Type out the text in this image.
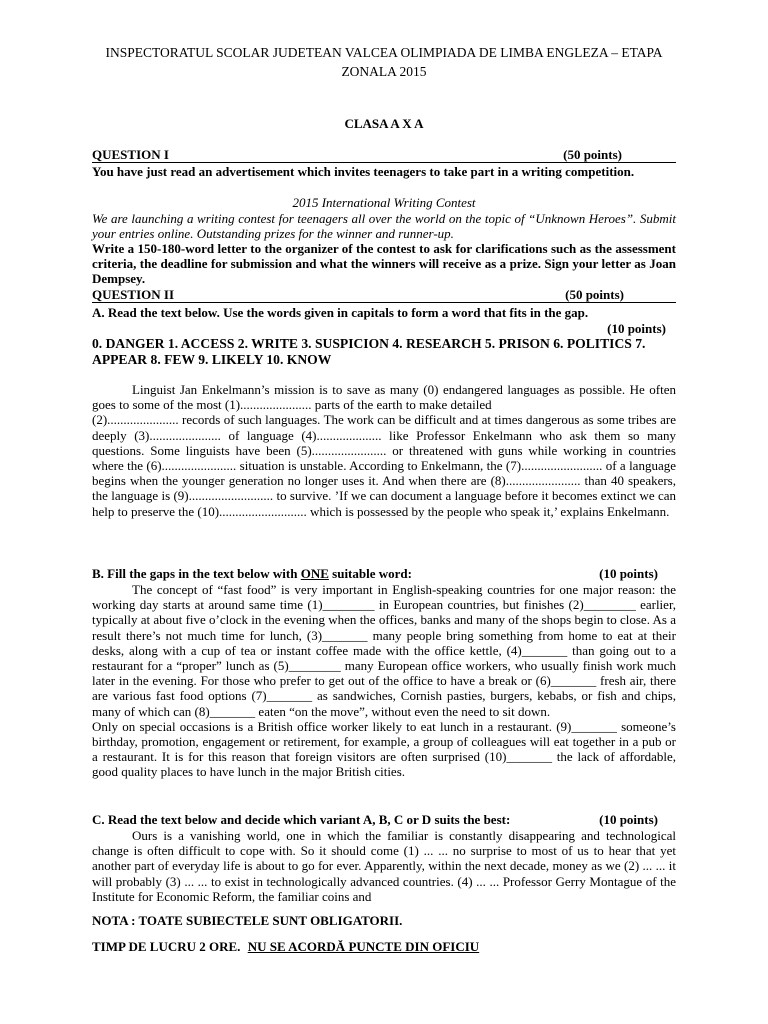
INSPECTORATUL SCOLAR JUDETEAN VALCEA OLIMPIADA DE LIMBA ENGLEZA – ETAPA
ZONALA 2015
CLASA A X A
QUESTION I	(50 points)
You have just read an advertisement which invites teenagers to take part in a writing competition.
2015 International Writing Contest
We are launching a writing contest for teenagers all over the world on the topic of “Unknown Heroes”. Submit your entries online. Outstanding prizes for the winner and runner-up.
Write a 150-180-word letter to the organizer of the contest to ask for clarifications such as the assessment criteria, the deadline for submission and what the winners will receive as a prize. Sign your letter as Joan Dempsey.
QUESTION II	(50 points)
A. Read the text below. Use the words given in capitals to form a word that fits in the gap.
(10 points)
0. DANGER 1. ACCESS 2. WRITE 3. SUSPICION 4. RESEARCH 5. PRISON 6. POLITICS 7. APPEAR 8. FEW 9. LIKELY 10. KNOW
Linguist Jan Enkelmann’s mission is to save as many (0) endangered languages as possible. He often goes to some of the most (1)...................... parts of the earth to make detailed
(2)...................... records of such languages. The work can be difficult and at times dangerous as some tribes are deeply (3)...................... of language (4).................... like Professor Enkelmann who ask them so many questions. Some linguists have been (5)....................... or threatened with guns while working in countries where the (6)....................... situation is unstable. According to Enkelmann, the (7)......................... of a language begins when the younger generation no longer uses it. And when there are (8)....................... than 40 speakers, the language is (9).......................... to survive. ’If we can document a language before it becomes extinct we can help to preserve the (10)........................... which is possessed by the people who speak it,’ explains Enkelmann.
B. Fill the gaps in the text below with ONE suitable word:	(10 points)
The concept of “fast food” is very important in English-speaking countries for one major reason: the working day starts at around same time (1)________ in European countries, but finishes (2)________ earlier, typically at about five o’clock in the evening when the offices, banks and many of the shops begin to close. As a result there’s not much time for lunch, (3)_______ many people bring something from home to eat at their desks, along with a cup of tea or instant coffee made with the office kettle, (4)_______ than going out to a restaurant for a “proper” lunch as (5)________ many European office workers, who usually finish work much later in the evening. For those who prefer to get out of the office to have a break or (6)_______ fresh air, there are various fast food options (7)_______ as sandwiches, Cornish pasties, burgers, kebabs, or fish and chips, many of which can (8)_______ eaten “on the move”, without even the need to sit down.
Only on special occasions is a British office worker likely to eat lunch in a restaurant. (9)_______ someone’s birthday, promotion, engagement or retirement, for example, a group of colleagues will eat together in a pub or a restaurant. It is for this reason that foreign visitors are often surprised (10)_______ the lack of affordable, good quality places to have lunch in the major British cities.
C. Read the text below and decide which variant A, B, C or D suits the best:	(10 points)
Ours is a vanishing world, one in which the familiar is constantly disappearing and technological change is often difficult to cope with. So it should come (1) ... ... no surprise to most of us to hear that yet another part of everyday life is about to go for ever. Apparently, within the next decade, money as we (2) ... ... it will probably (3) ... ... to exist in technologically advanced countries. (4) ... ... Professor Gerry Montague of the Institute for Economic Reform, the familiar coins and
NOTA : TOATE SUBIECTELE SUNT OBLIGATORII.
TIMP DE LUCRU 2 ORE. NU SE ACORDĂ PUNCTE DIN OFICIU
